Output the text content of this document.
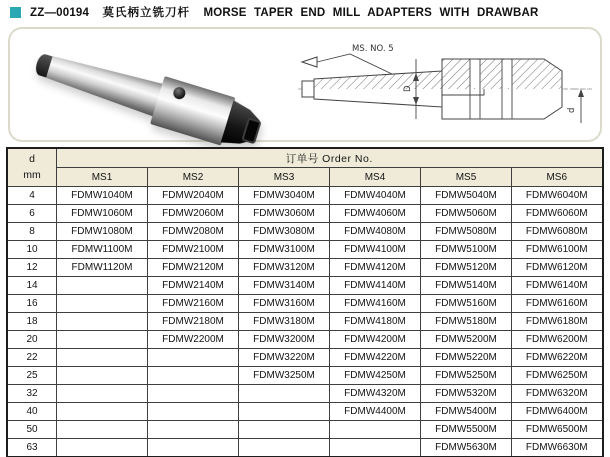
ZZ—00194 莫氏柄立铣刀杆 MORSE TAPER END MILL ADAPTERS WITH DRAWBAR
MS. NO. 5
D
d
d
mm	订单号 Order No.					
	MS1	MS2	MS3	MS4	MS5	MS6
4	FDMW1040M	FDMW2040M	FDMW3040M	FDMW4040M	FDMW5040M	FDMW6040M
6	FDMW1060M	FDMW2060M	FDMW3060M	FDMW4060M	FDMW5060M	FDMW6060M
8	FDMW1080M	FDMW2080M	FDMW3080M	FDMW4080M	FDMW5080M	FDMW6080M
10	FDMW1100M	FDMW2100M	FDMW3100M	FDMW4100M	FDMW5100M	FDMW6100M
12	FDMW1120M	FDMW2120M	FDMW3120M	FDMW4120M	FDMW5120M	FDMW6120M
14		FDMW2140M	FDMW3140M	FDMW4140M	FDMW5140M	FDMW6140M
16		FDMW2160M	FDMW3160M	FDMW4160M	FDMW5160M	FDMW6160M
18		FDMW2180M	FDMW3180M	FDMW4180M	FDMW5180M	FDMW6180M
20		FDMW2200M	FDMW3200M	FDMW4200M	FDMW5200M	FDMW6200M
22			FDMW3220M	FDMW4220M	FDMW5220M	FDMW6220M
25			FDMW3250M	FDMW4250M	FDMW5250M	FDMW6250M
32				FDMW4320M	FDMW5320M	FDMW6320M
40				FDMW4400M	FDMW5400M	FDMW6400M
50					FDMW5500M	FDMW6500M
63					FDMW5630M	FDMW6630M
